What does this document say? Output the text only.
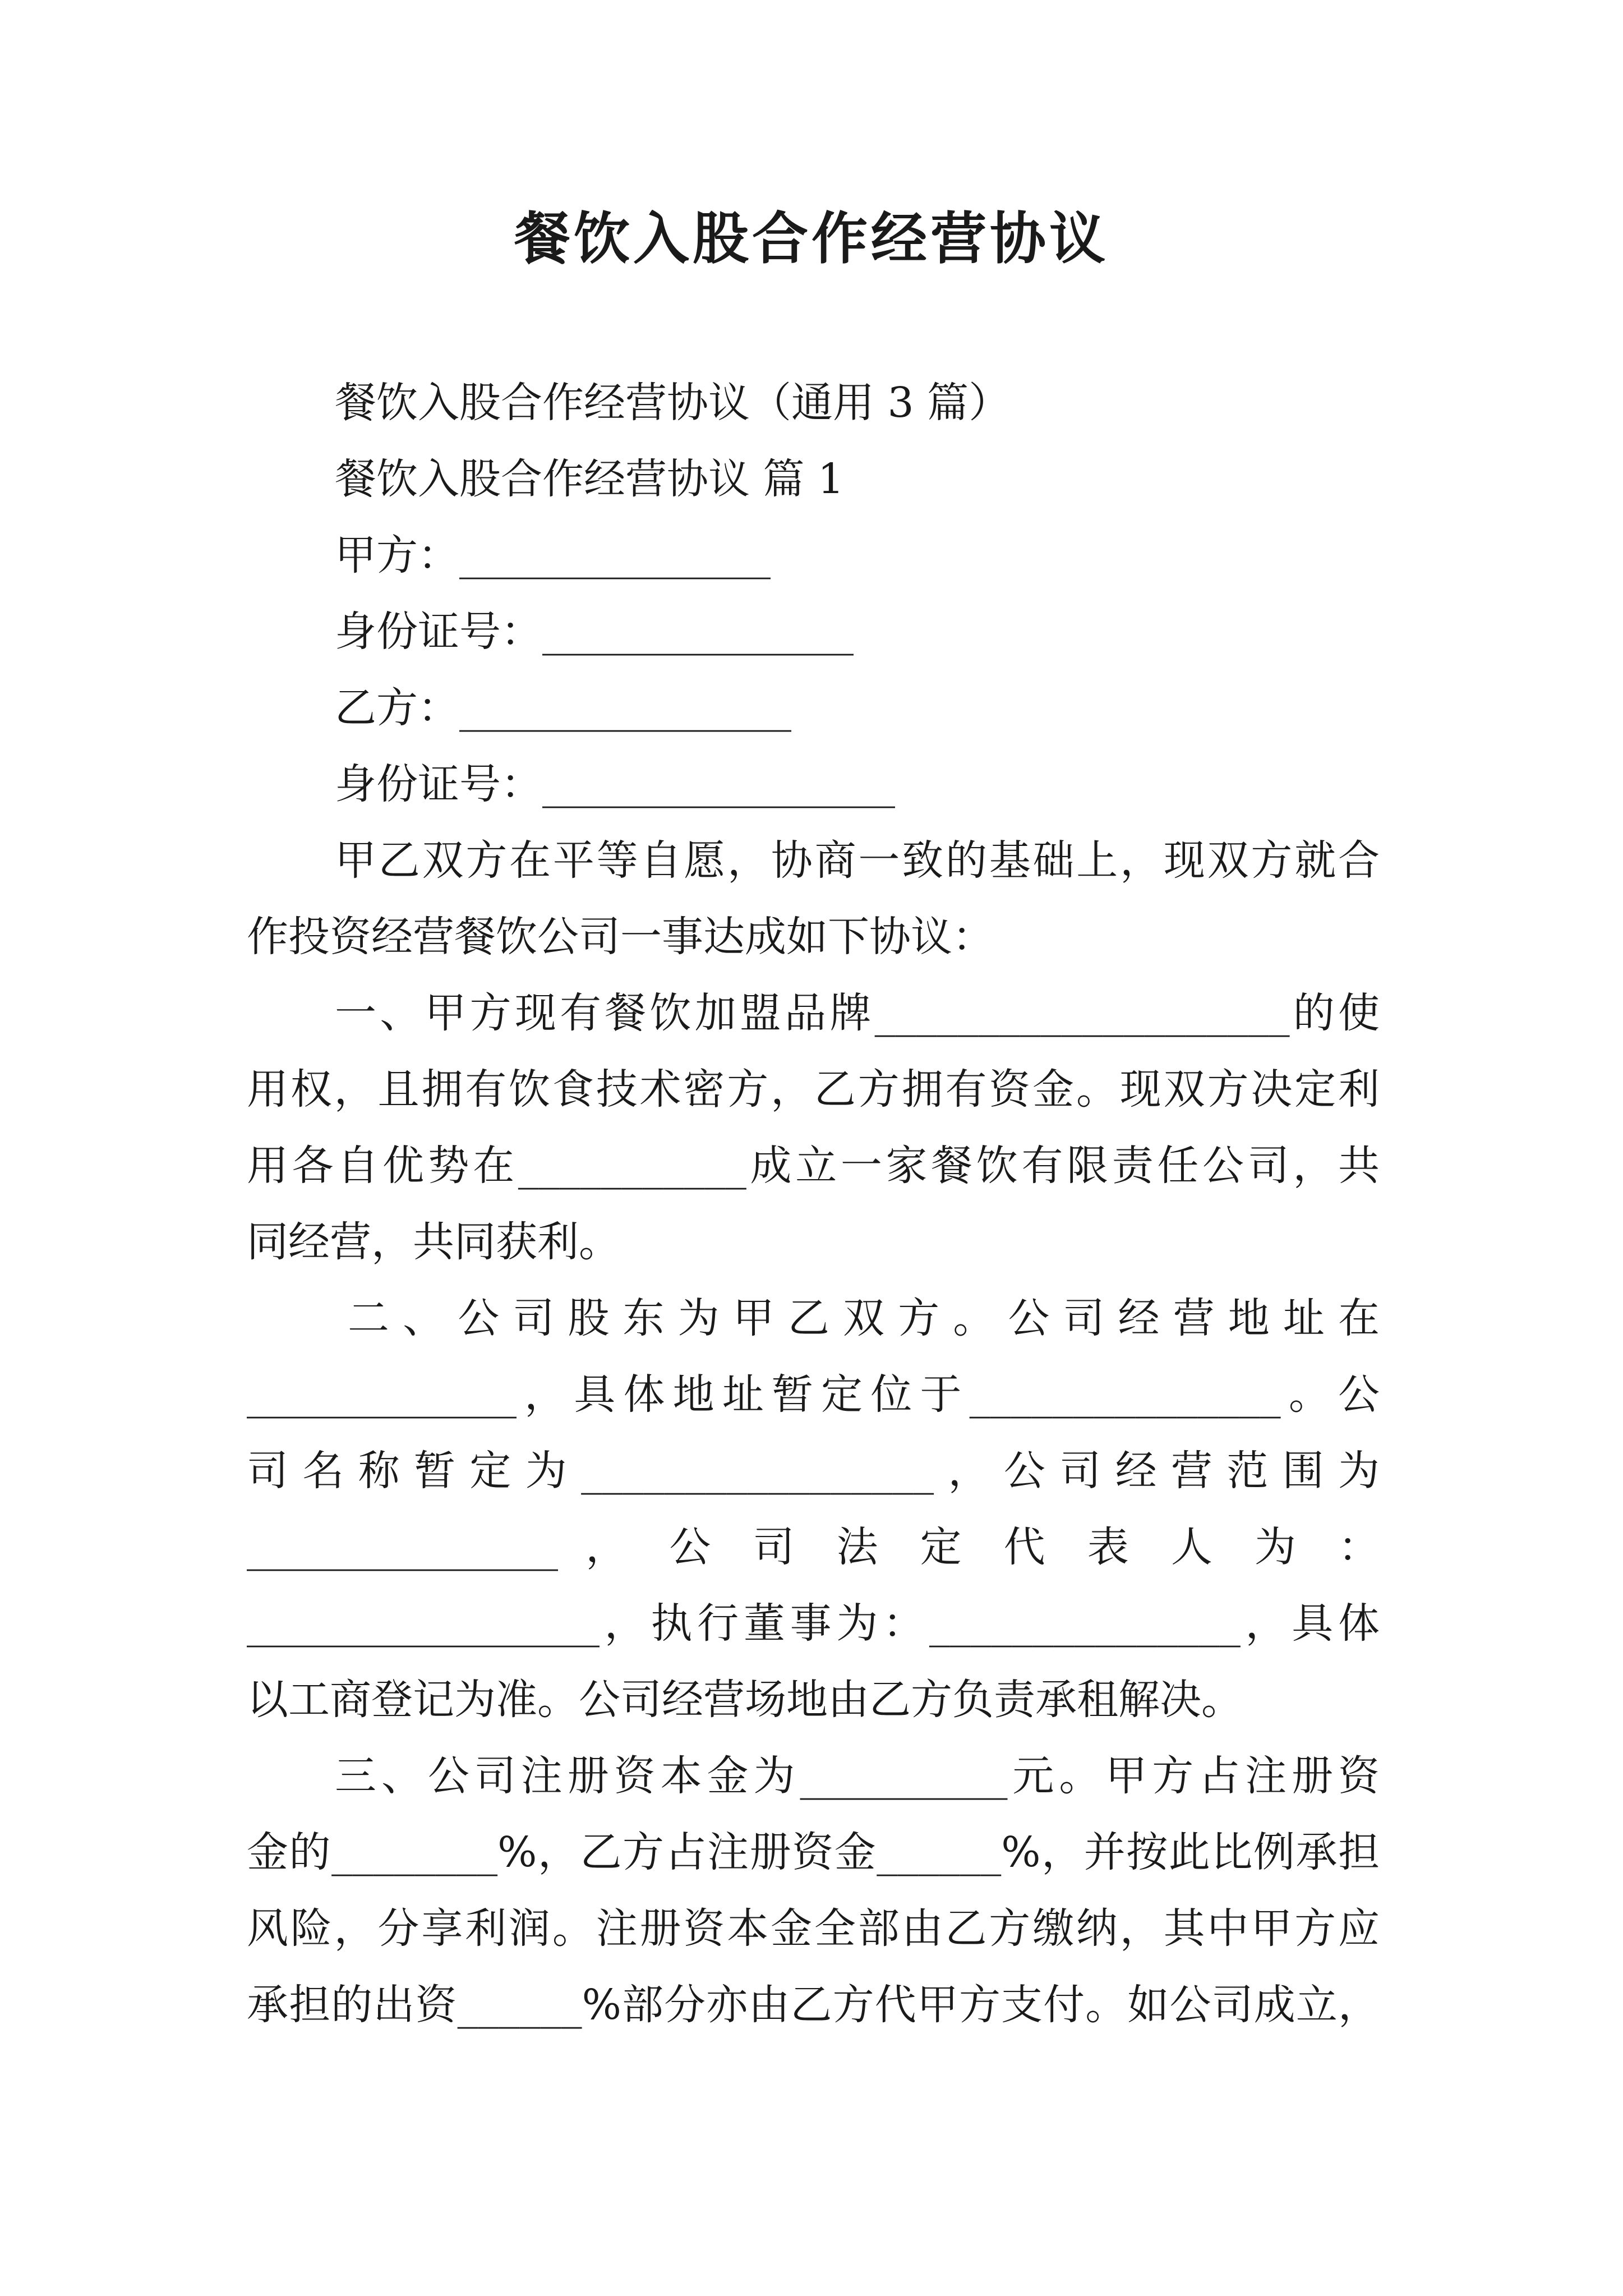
餐饮入股合作经营协议
餐饮入股合作经营协议（通用 3 篇）
餐饮入股合作经营协议 篇 1
甲方：_______________
身份证号：_______________
乙方：________________
身份证号：_________________
甲乙双方在平等自愿，协商一致的基础上，现双方就合
作投资经营餐饮公司一事达成如下协议：
一、甲方现有餐饮加盟品牌____________________的使
用权，且拥有饮食技术密方，乙方拥有资金。现双方决定利
用各自优势在___________成立一家餐饮有限责任公司，共
同经营，共同获利。
二、公司股东为甲乙双方。公司经营地址在
_____________，具体地址暂定位于_______________。公
司名称暂定为_________________，公司经营范围为
_______________ ， 公 司 法 定 代 表 人 为 ：
_________________，执行董事为：_______________，具体
以工商登记为准。公司经营场地由乙方负责承租解决。
三、公司注册资本金为__________元。甲方占注册资
金的________%，乙方占注册资金______%，并按此比例承担
风险，分享利润。注册资本金全部由乙方缴纳，其中甲方应
承担的出资______%部分亦由乙方代甲方支付。如公司成立，
